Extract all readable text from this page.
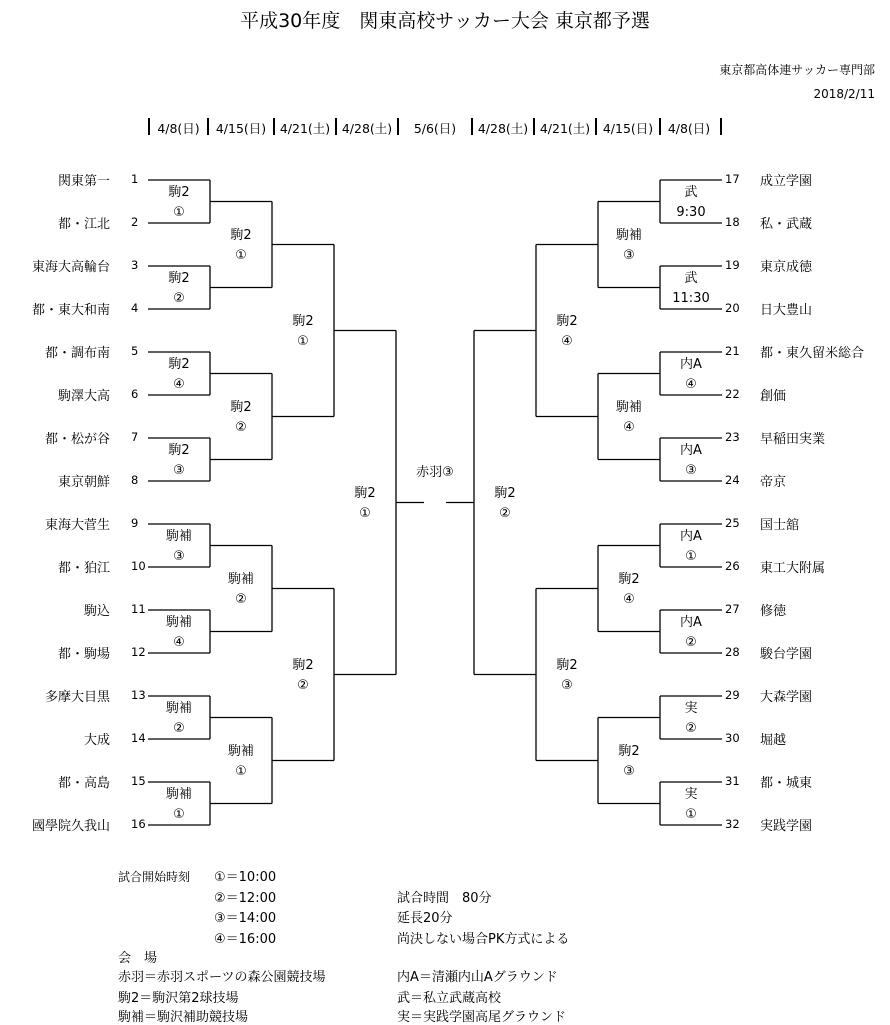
平成30年度　関東高校サッカー大会 東京都予選
東京都高体連サッカー専門部
2018/2/11
4/8(日)	4/15(日)	4/21(土) 4/28(土)	5/6(日)	4/28(土) 4/21(土)	4/15(日)	4/8(日)
関東第一 1	成立学園
17
都・江北 2	私・武蔵
18
東海大高輪台 3	東京成徳
19
都・東大和南 4	日大豊山
20
都・調布南 5	都・東久留米総合
21
駒澤大高 6	創価
22
都・松が谷 7	早稲田実業
23
東京朝鮮 8	帝京
24
東海大菅生 9	国士舘
25
都・狛江 10	東工大附属
26
駒込 11	修徳
27
都・駒場 12	駿台学園
28
多摩大目黒 13	大森学園
29
大成 14	堀越
30
都・高島 15	都・城東
31
國學院久我山 16	実践学園
32
駒2
①
駒2
②
駒2
④
駒2
③
駒補
③
駒補
④
駒補
②
駒補
①
駒2
①
駒2
②
駒補
②
駒補
①
駒2
①
駒2
②
駒2
①
武
9:30
武
11:30
内A
④
内A
③
内A
①
内A
②
実
②
実
①
駒補
③
駒補
④
駒2
④
駒2
③
駒2
④
駒2
③
駒2
②
赤羽③
試合開始時刻 ①＝10:00
②＝12:00
③＝14:00
④＝16:00
試合時間　80分
延長20分
尚決しない場合PK方式による
会　場
赤羽＝赤羽スポーツの森公園競技場
駒2＝駒沢第2球技場
駒補＝駒沢補助競技場
内A＝清瀬内山Aグラウンド
武＝私立武蔵高校
実＝実践学園高尾グラウンド
